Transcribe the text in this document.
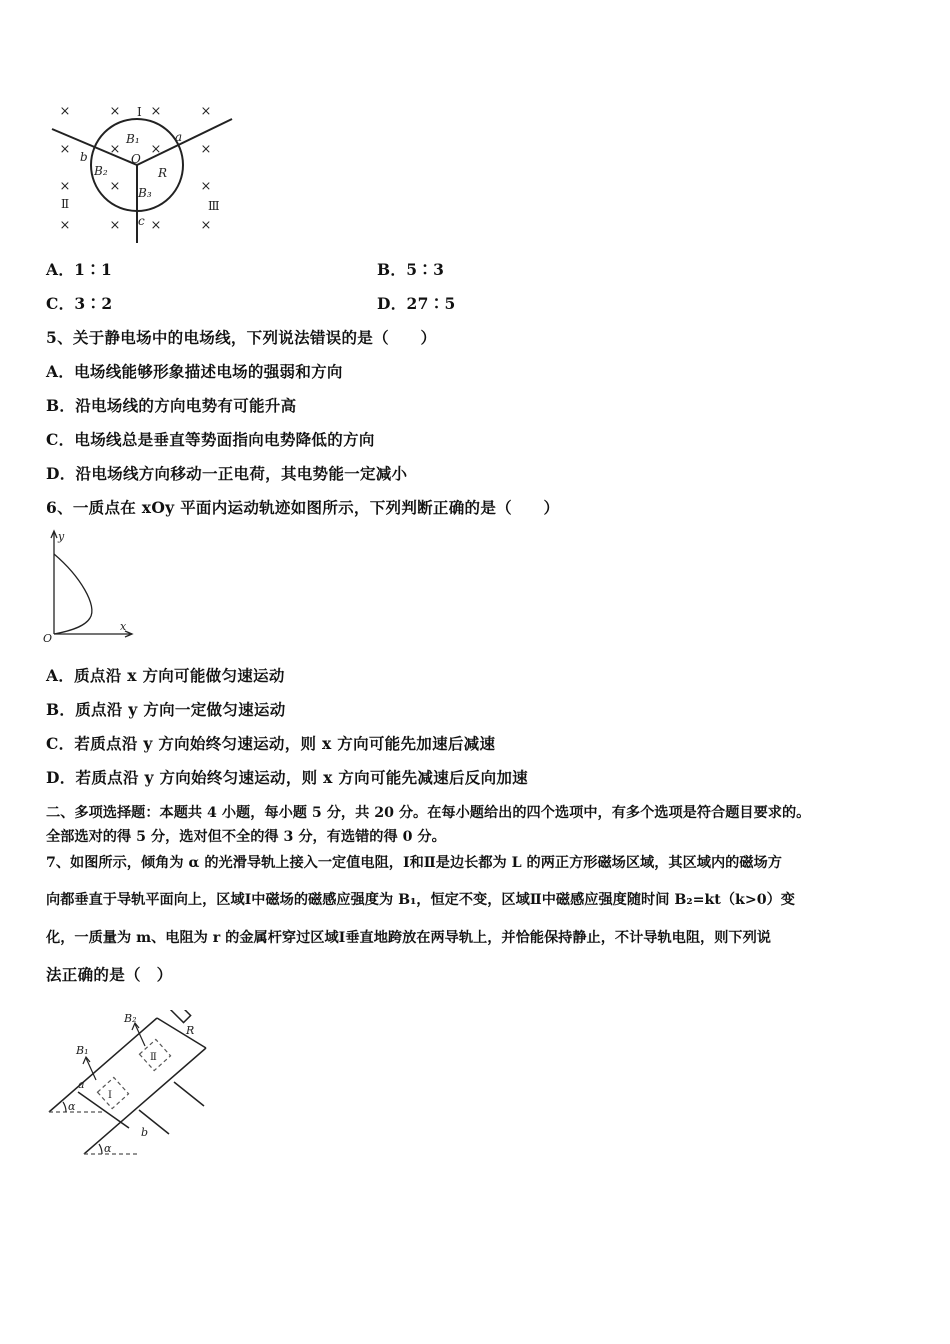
×	× ×	×
×	× ×	×
×	×	×
×	× ×	×
Ⅰ
Ⅱ	Ⅲ
a
b
c
O
B₁
B₂
B₃
R
A．1∶1	B．5∶3
C．3∶2	D．27∶5
5、关于静电场中的电场线，下列说法错误的是（　　）
A．电场线能够形象描述电场的强弱和方向
B．沿电场线的方向电势有可能升高
C．电场线总是垂直等势面指向电势降低的方向
D．沿电场线方向移动一正电荷，其电势能一定减小
6、一质点在 xOy 平面内运动轨迹如图所示，下列判断正确的是（　　）
y
x
O
A．质点沿 x 方向可能做匀速运动
B．质点沿 y 方向一定做匀速运动
C．若质点沿 y 方向始终匀速运动，则 x 方向可能先加速后减速
D．若质点沿 y 方向始终匀速运动，则 x 方向可能先减速后反向加速
二、多项选择题：本题共 4 小题，每小题 5 分，共 20 分。在每小题给出的四个选项中，有多个选项是符合题目要求的。
全部选对的得 5 分，选对但不全的得 3 分，有选错的得 0 分。
7、如图所示，倾角为 α 的光滑导轨上接入一定值电阻，Ⅰ和Ⅱ是边长都为 L 的两正方形磁场区域，其区域内的磁场方
向都垂直于导轨平面向上，区域Ⅰ中磁场的磁感应强度为 B₁，恒定不变，区域Ⅱ中磁感应强度随时间 B₂=kt（k>0）变
化，一质量为 m、电阻为 r 的金属杆穿过区域Ⅰ垂直地跨放在两导轨上，并恰能保持静止，不计导轨电阻，则下列说
法正确的是（　）
B₁
B₂
R
a
b
α
α
Ⅰ
Ⅱ
